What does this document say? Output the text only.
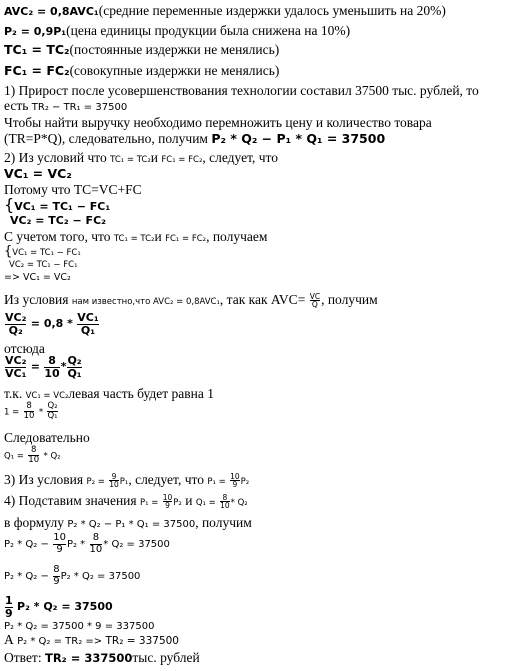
AVC₂ = 0,8AVC₁(средние переменные издержки удалось уменьшить на 20%)
P₂ = 0,9P₁(цена единицы продукции была снижена на 10%)
TC₁ = TC₂(постоянные издержки не менялись)
FC₁ = FC₂(совокупные издержки не менялись)
1) Прирост после усовершенствования технологии составил 37500 тыс. рублей, то
есть TR₂ − TR₁ = 37500
Чтобы найти выручку необходимо перемножить цену и количество товара
(TR=P*Q), следовательно, получим P₂ * Q₂ − P₁ * Q₁ = 37500
2) Из условий что TC₁ = TC₂и FC₁ = FC₂, следует, что
VC₁ = VC₂
Потому что TC=VC+FC
{VC₁ = TC₁ − FC₁
VC₂ = TC₂ − FC₂
С учетом того, что TC₁ = TC₂и FC₁ = FC₂, получаем
{VC₁ = TC₁ − FC₁
VC₂ = TC₁ − FC₁
=> VC₁ = VC₂
Из условия нам известно,что AVC₂ = 0,8AVC₁, так как $AVC= \frac{VC}{Q}$ , получим
$\frac{\text{VC₂}}{\text{Q₂}} = 0,8 * \frac{\text{VC₁}}{\text{Q₁}}$
отсюда
$\frac{\text{VC₂}}{\text{VC₁}} = \frac{8}{10} * \frac{\text{Q₂}}{\text{Q₁}}$
т.к. VC₁ = VC₂левая часть будет равна 1
$1 = \frac{8}{10} * \frac{\text{Q₂}}{\text{Q₁}}$
Следовательно
$Q_1 = \frac{8}{10} * Q_2$
3) Из условия $P_2 = \frac{9}{10} P_1$, следует, что $P_1 = \frac{10}{9} P_2$
4) Подставим значения $P_1 = \frac{10}{9} P_2$ и $Q_1 = \frac{8}{10} * Q_2$
в формулу P₂ * Q₂ − P₁ * Q₁ = 37500, получим
$P_2 * Q_2 - \frac{10}{9} P_2 * \frac{8}{10} * Q_2 = 37500$
$P_2 * Q_2 - \frac{8}{9} P_2 * Q_2 = 37500$
$\frac{1}{9} P_2 * Q_2 = 37500$
P₂ * Q₂ = 37500 * 9 = 337500
А P₂ * Q₂ = TR₂ => TR₂ = 337500
Ответ: TR₂ = 337500тыс. рублей
